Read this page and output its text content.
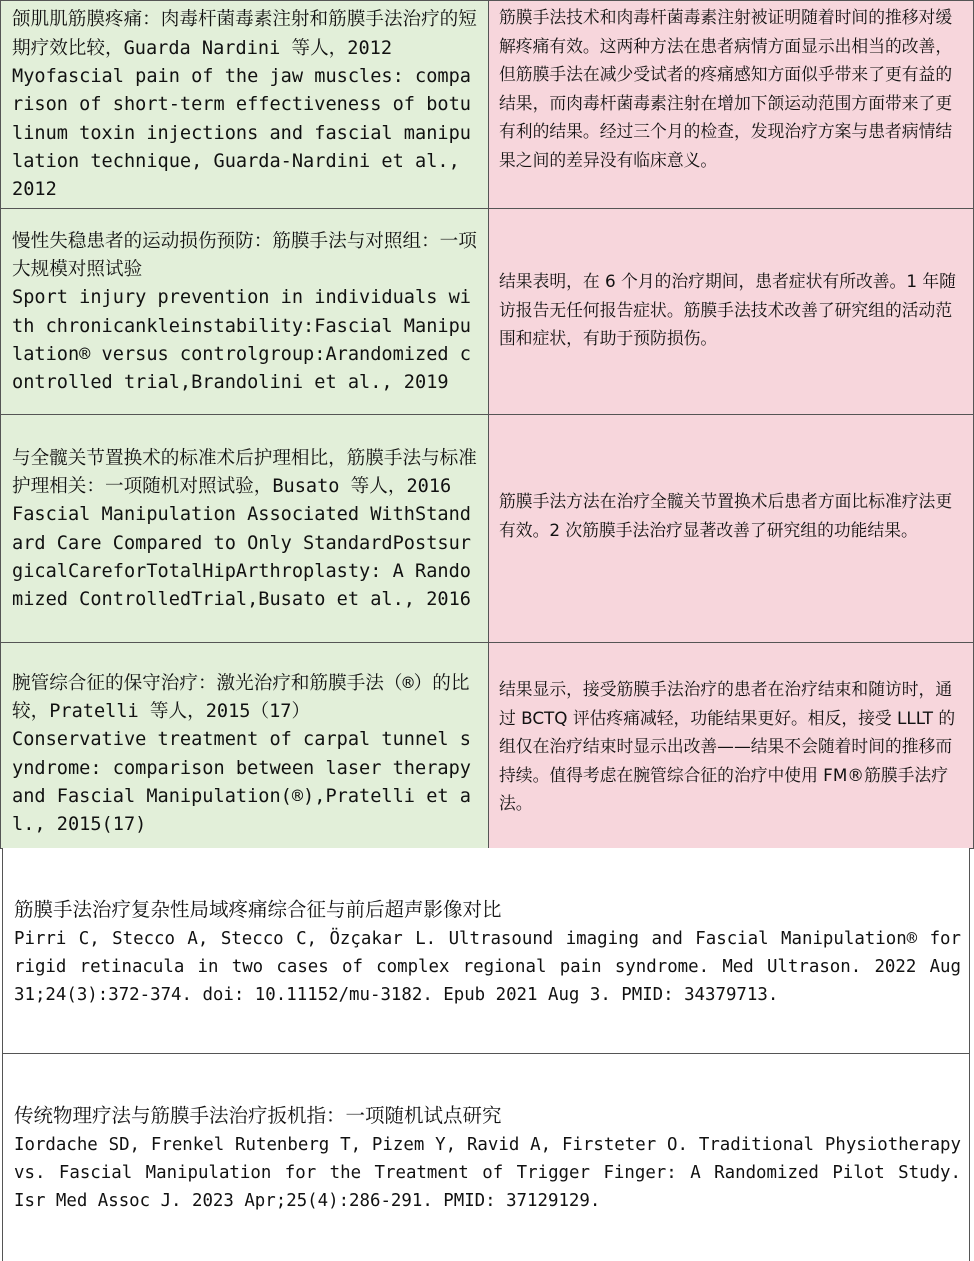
颌肌肌筋膜疼痛：肉毒杆菌毒素注射和筋膜手法治疗的短期疗效比较，Guarda Nardini 等人，2012
Myofascial pain of the jaw muscles: comparison of short-term effectiveness of botulinum toxin injections and fascial manipulation technique, Guarda-Nardini et al., 2012	筋膜手法技术和肉毒杆菌毒素注射被证明随着时间的推移对缓解疼痛有效。这两种方法在患者病情方面显示出相当的改善，但筋膜手法在减少受试者的疼痛感知方面似乎带来了更有益的结果，而肉毒杆菌毒素注射在增加下颌运动范围方面带来了更有利的结果。经过三个月的检查，发现治疗方案与患者病情结果之间的差异没有临床意义。

慢性失稳患者的运动损伤预防：筋膜手法与对照组：一项大规模对照试验
Sport injury prevention in individuals with chronicankleinstability:Fascial Manipulation® versus controlgroup:Arandomized controlled trial,Brandolini et al., 2019	结果表明，在 6 个月的治疗期间，患者症状有所改善。1 年随访报告无任何报告症状。筋膜手法技术改善了研究组的活动范围和症状，有助于预防损伤。

与全髋关节置换术的标准术后护理相比，筋膜手法与标准护理相关：一项随机对照试验，Busato 等人，2016
Fascial Manipulation Associated WithStandard Care Compared to Only StandardPostsurgicalCareforTotalHipArthroplasty: A Randomized ControlledTrial,Busato et al., 2016	筋膜手法方法在治疗全髋关节置换术后患者方面比标准疗法更有效。2 次筋膜手法治疗显著改善了研究组的功能结果。

腕管综合征的保守治疗：激光治疗和筋膜手法（®）的比较，Pratelli 等人，2015（17）
Conservative treatment of carpal tunnel syndrome: comparison between laser therapy and Fascial Manipulation(®),Pratelli et al., 2015(17)	结果显示，接受筋膜手法治疗的患者在治疗结束和随访时，通过 BCTQ 评估疼痛减轻，功能结果更好。相反，接受 LLLT 的组仅在治疗结束时显示出改善——结果不会随着时间的推移而持续。值得考虑在腕管综合征的治疗中使用 FM®筋膜手法疗法。
筋膜手法治疗复杂性局域疼痛综合征与前后超声影像对比
Pirri C, Stecco A, Stecco C, Özçakar L. Ultrasound imaging and Fascial Manipulation® for rigid retinacula in two cases of complex regional pain syndrome. Med Ultrason. 2022 Aug 31;24(3):372-374. doi: 10.11152/mu-3182. Epub 2021 Aug 3. PMID: 34379713.
传统物理疗法与筋膜手法治疗扳机指：一项随机试点研究
Iordache SD, Frenkel Rutenberg T, Pizem Y, Ravid A, Firsteter O. Traditional Physiotherapy vs. Fascial Manipulation for the Treatment of Trigger Finger: A Randomized Pilot Study. Isr Med Assoc J. 2023 Apr;25(4):286-291. PMID: 37129129.
